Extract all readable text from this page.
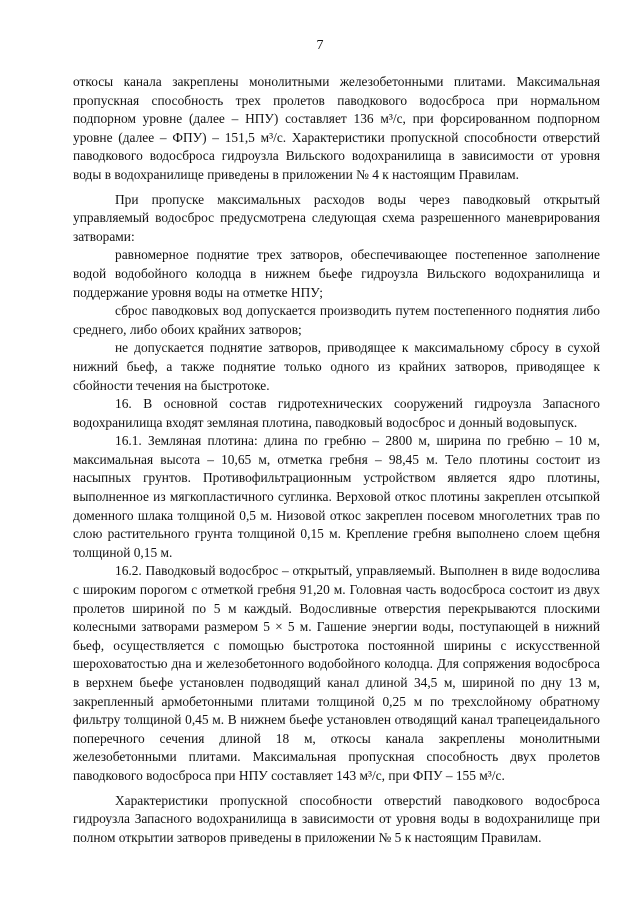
7

откосы канала закреплены монолитными железобетонными плитами. Максимальная пропускная способность трех пролетов паводкового водосброса при нормальном подпорном уровне (далее – НПУ) составляет 136 м³/с, при форсированном подпорном уровне (далее – ФПУ) – 151,5 м³/с. Характеристики пропускной способности отверстий паводкового водосброса гидроузла Вильского водохранилища в зависимости от уровня воды в водохранилище приведены в приложении № 4 к настоящим Правилам.

При пропуске максимальных расходов воды через паводковый открытый управляемый водосброс предусмотрена следующая схема разрешенного маневрирования затворами:

равномерное поднятие трех затворов, обеспечивающее постепенное заполнение водой водобойного колодца в нижнем бьефе гидроузла Вильского водохранилища и поддержание уровня воды на отметке НПУ;

сброс паводковых вод допускается производить путем постепенного поднятия либо среднего, либо обоих крайних затворов;

не допускается поднятие затворов, приводящее к максимальному сбросу в сухой нижний бьеф, а также поднятие только одного из крайних затворов, приводящее к сбойности течения на быстротоке.

16. В основной состав гидротехнических сооружений гидроузла Запасного водохранилища входят земляная плотина, паводковый водосброс и донный водовыпуск.

16.1. Земляная плотина: длина по гребню – 2800 м, ширина по гребню – 10 м, максимальная высота – 10,65 м, отметка гребня – 98,45 м. Тело плотины состоит из насыпных грунтов. Противофильтрационным устройством является ядро плотины, выполненное из мягкопластичного суглинка. Верховой откос плотины закреплен отсыпкой доменного шлака толщиной 0,5 м. Низовой откос закреплен посевом многолетних трав по слою растительного грунта толщиной 0,15 м. Крепление гребня выполнено слоем щебня толщиной 0,15 м.

16.2. Паводковый водосброс – открытый, управляемый. Выполнен в виде водослива с широким порогом с отметкой гребня 91,20 м. Головная часть водосброса состоит из двух пролетов шириной по 5 м каждый. Водосливные отверстия перекрываются плоскими колесными затворами размером 5 × 5 м. Гашение энергии воды, поступающей в нижний бьеф, осуществляется с помощью быстротока постоянной ширины с искусственной шероховатостью дна и железобетонного водобойного колодца. Для сопряжения водосброса в верхнем бьефе установлен подводящий канал длиной 34,5 м, шириной по дну 13 м, закрепленный армобетонными плитами толщиной 0,25 м по трехслойному обратному фильтру толщиной 0,45 м. В нижнем бьефе установлен отводящий канал трапецеидального поперечного сечения длиной 18 м, откосы канала закреплены монолитными железобетонными плитами. Максимальная пропускная способность двух пролетов паводкового водосброса при НПУ составляет 143 м³/с, при ФПУ – 155 м³/с.

Характеристики пропускной способности отверстий паводкового водосброса гидроузла Запасного водохранилища в зависимости от уровня воды в водохранилище при полном открытии затворов приведены в приложении № 5 к настоящим Правилам.
